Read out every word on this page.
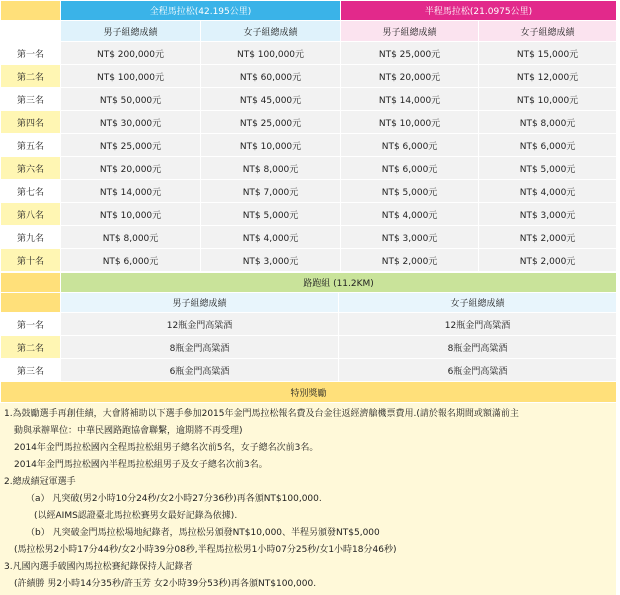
	全程馬拉松(42.195公里)		半程馬拉松(21.0975公里)	
	男子組總成績	女子組總成績	男子組總成績	女子組總成績
第一名	NT$ 200,000元	NT$ 100,000元	NT$ 25,000元	NT$ 15,000元
第二名	NT$ 100,000元	NT$ 60,000元	NT$ 20,000元	NT$ 12,000元
第三名	NT$ 50,000元	NT$ 45,000元	NT$ 14,000元	NT$ 10,000元
第四名	NT$ 30,000元	NT$ 25,000元	NT$ 10,000元	NT$ 8,000元
第五名	NT$ 25,000元	NT$ 10,000元	NT$ 6,000元	NT$ 6,000元
第六名	NT$ 20,000元	NT$ 8,000元	NT$ 6,000元	NT$ 5,000元
第七名	NT$ 14,000元	NT$ 7,000元	NT$ 5,000元	NT$ 4,000元
第八名	NT$ 10,000元	NT$ 5,000元	NT$ 4,000元	NT$ 3,000元
第九名	NT$ 8,000元	NT$ 4,000元	NT$ 3,000元	NT$ 2,000元
第十名	NT$ 6,000元	NT$ 3,000元	NT$ 2,000元	NT$ 2,000元
	路跑組 (11.2KM)	
	男子組總成績	女子組總成績
第一名	12瓶金門高粱酒	12瓶金門高粱酒
第二名	8瓶金門高粱酒	8瓶金門高粱酒
第三名	6瓶金門高粱酒	6瓶金門高粱酒
特別獎勵		
1.為鼓勵選手再創佳績，大會將補助以下選手參加2015年金門馬拉松報名費及台金往返經濟艙機票費用.(請於報名期間或額滿前主
動與承辦單位：中華民國路跑協會聯繫，逾期將不再受理)
2014年金門馬拉松國內全程馬拉松組男子總名次前5名，女子總名次前3名。
2014年金門馬拉松國內半程馬拉松組男子及女子總名次前3名。
2.總成績冠軍選手
（a） 凡突破(男2小時10分24秒/女2小時27分36秒)再各頒NT$100,000.
(以經AIMS認證臺北馬拉松賽男女最好記錄為依據).
（b） 凡突破金門馬拉松場地紀錄者，馬拉松另頒發NT$10,000、半程另頒發NT$5,000
(馬拉松男2小時17分44秒/女2小時39分08秒,半程馬拉松男1小時07分25秒/女1小時18分46秒)
3.凡國內選手破國內馬拉松賽紀錄保持人記錄者
(許績勝 男2小時14分35秒/許玉芳 女2小時39分53秒)再各頒NT$100,000.
